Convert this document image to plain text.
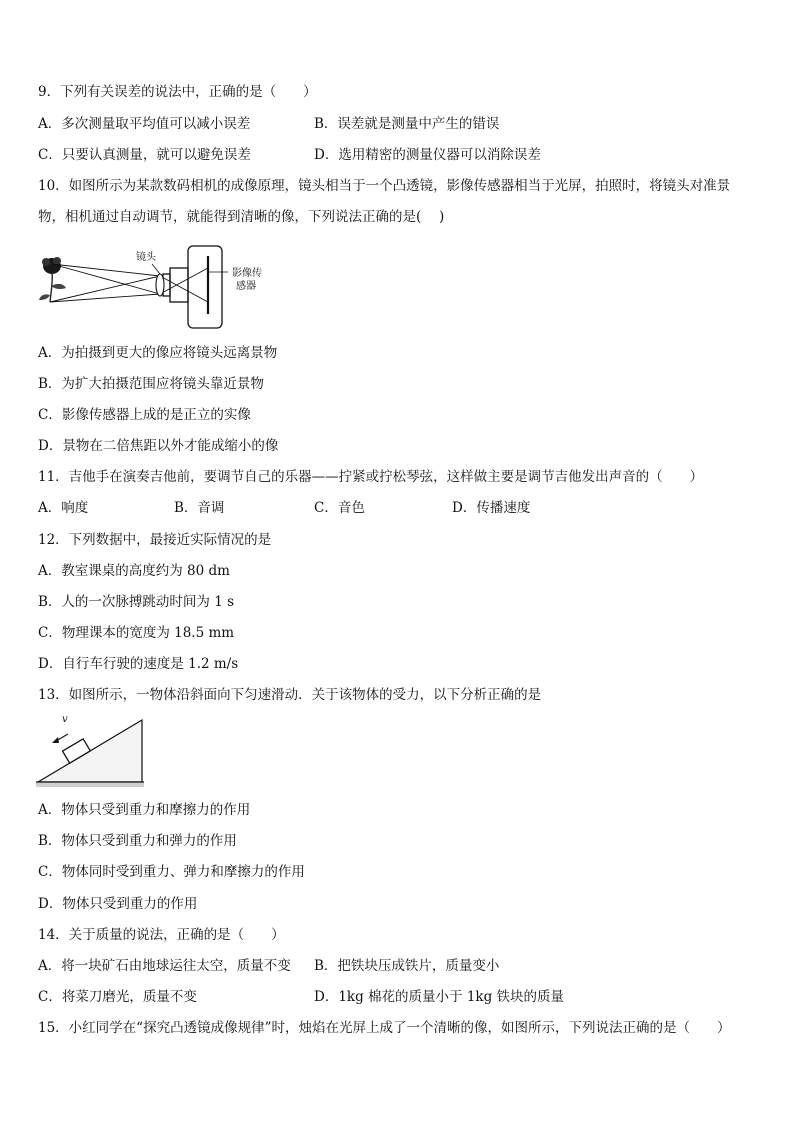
9．下列有关误差的说法中，正确的是（　　）
A．多次测量取平均值可以减小误差	B．误差就是测量中产生的错误
C．只要认真测量，就可以避免误差	D．选用精密的测量仪器可以消除误差
10．如图所示为某款数码相机的成像原理，镜头相当于一个凸透镜，影像传感器相当于光屏，拍照时，将镜头对准景
物，相机通过自动调节，就能得到清晰的像，下列说法正确的是(　 )
镜头
影像传
感器
A．为拍摄到更大的像应将镜头远离景物
B．为扩大拍摄范围应将镜头靠近景物
C．影像传感器上成的是正立的实像
D．景物在二倍焦距以外才能成缩小的像
11．吉他手在演奏吉他前，要调节自己的乐器——拧紧或拧松琴弦，这样做主要是调节吉他发出声音的（　　）
A．响度	B．音调	C．音色	D．传播速度
12．下列数据中，最接近实际情况的是
A．教室课桌的高度约为 80 dm
B．人的一次脉搏跳动时间为 1 s
C．物理课本的宽度为 18.5 mm
D．自行车行驶的速度是 1.2 m/s
13．如图所示，一物体沿斜面向下匀速滑动．关于该物体的受力，以下分析正确的是
v
A．物体只受到重力和摩擦力的作用
B．物体只受到重力和弹力的作用
C．物体同时受到重力、弹力和摩擦力的作用
D．物体只受到重力的作用
14．关于质量的说法，正确的是（　　）
A．将一块矿石由地球运往太空，质量不变 B．把铁块压成铁片，质量变小
C．将菜刀磨光，质量不变	D．1kg 棉花的质量小于 1kg 铁块的质量
15．小红同学在“探究凸透镜成像规律”时，烛焰在光屏上成了一个清晰的像，如图所示，下列说法正确的是（　　）
